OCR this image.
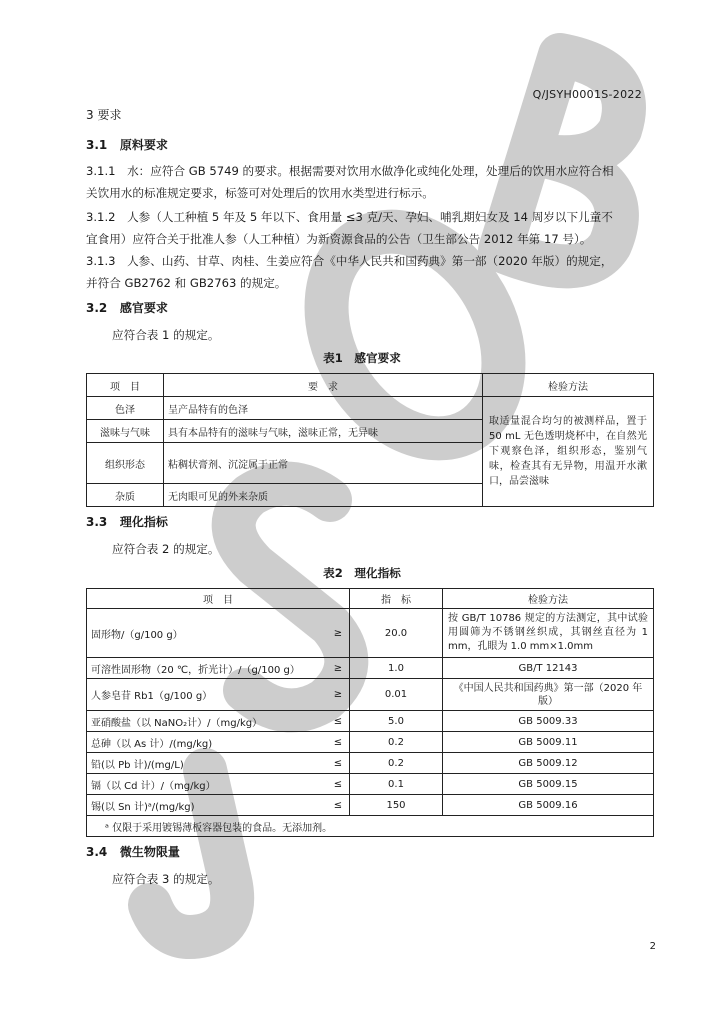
Q/JSYH0001S-2022
3 要求
3.1 原料要求
3.1.1　水：应符合 GB 5749 的要求。根据需要对饮用水做净化或纯化处理，处理后的饮用水应符合相
关饮用水的标准规定要求，标签可对处理后的饮用水类型进行标示。
3.1.2　人参（人工种植 5 年及 5 年以下、食用量 ≤3 克/天、孕妇、哺乳期妇女及 14 周岁以下儿童不
宜食用）应符合关于批准人参（人工种植）为新资源食品的公告（卫生部公告 2012 年第 17 号）。
3.1.3　人参、山药、甘草、肉桂、生姜应符合《中华人民共和国药典》第一部（2020 年版）的规定，
并符合 GB2762 和 GB2763 的规定。
3.2 感官要求
应符合表 1 的规定。
表1　感官要求
项　目	要　求	检验方法
色泽	呈产品特有的色泽	取适量混合均匀的被测样品，置于 50 mL 无色透明烧杯中，在自然光下观察色泽，组织形态，鉴别气味，检查其有无异物，用温开水漱口，品尝滋味
滋味与气味	具有本品特有的滋味与气味，滋味正常，无异味	
组织形态	粘稠状膏剂、沉淀属于正常	
杂质	无肉眼可见的外来杂质	
3.3 理化指标
应符合表 2 的规定。
表2　理化指标
项　目		指　标	检验方法
固形物/（g/100 g）	≥	20.0	按 GB/T 10786 规定的方法测定，其中试验用圆筛为不锈钢丝织成，其钢丝直径为 1 mm，孔眼为 1.0 mm×1.0mm
可溶性固形物（20 ℃，折光计）/（g/100 g）	≥	1.0	GB/T 12143
人参皂苷 Rb1（g/100 g）	≥	0.01	《中国人民共和国药典》第一部（2020 年版）
亚硝酸盐（以 NaNO₂计）/（mg/kg）	≤	5.0	GB 5009.33
总砷（以 As 计）/(mg/kg)	≤	0.2	GB 5009.11
铅(以 Pb 计)/(mg/L)	≤	0.2	GB 5009.12
镉（以 Cd 计）/（mg/kg）	≤	0.1	GB 5009.15
锡(以 Sn 计)ᵃ/(mg/kg)	≤	150	GB 5009.16
ᵃ 仅限于采用镀锡薄板容器包装的食品。无添加剂。			
3.4 微生物限量
应符合表 3 的规定。
2
